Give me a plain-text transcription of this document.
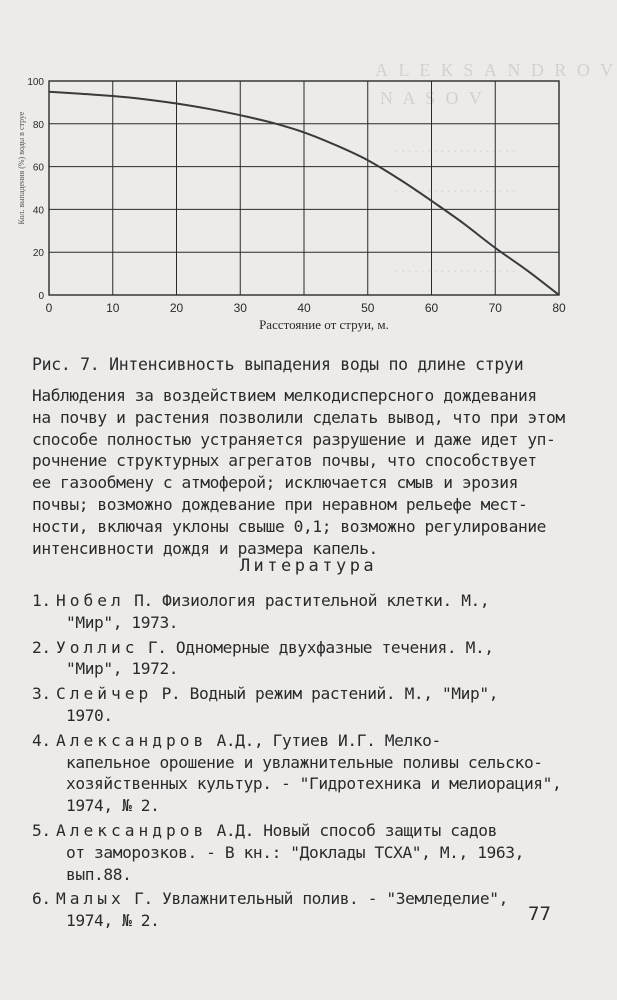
А L Е К S А N D R O V
N A S O V
. . . . . . . . . . . . . . . . . . .
. . . . . . . . . . . . . . . . . . .
. . . . . . . . . . . . . . . . . . .
0	10	20	30	40	50	60	70	80
0
20
40
60
80
100
Расстояние от струи, м.
Кол. выпадения (%) воды в струе
Рис. 7. Интенсивность выпадения воды по длине струи
Наблюдения за воздействием мелкодисперсного дождевания
на почву и растения позволили сделать вывод, что при этом
способе полностью устраняется разрушение и даже идет уп-
рочнение структурных агрегатов почвы, что способствует
ее газообмену с атмоферой; исключается смыв и эрозия
почвы; возможно дождевание при неравном рельефе мест-
ности, включая уклоны свыше 0,1; возможно регулирование
интенсивности дождя и размера капель.
Литература
1. Нобел П. Физиология растительной клетки. М.,
"Мир", 1973.
2. Уоллис Г. Одномерные двухфазные течения. М.,
"Мир", 1972.
3. Слейчер Р. Водный режим растений. М., "Мир",
1970.
4. Александров А.Д., Гутиев И.Г. Мелко-
капельное орошение и увлажнительные поливы сельско-
хозяйственных культур. - "Гидротехника и мелиорация",
1974, № 2.
5. Александров А.Д. Новый способ защиты садов
от заморозков. - В кн.: "Доклады ТСХА", М., 1963,
вып.88.
6. Малых Г. Увлажнительный полив. - "Земледелие",
1974, № 2.	77
